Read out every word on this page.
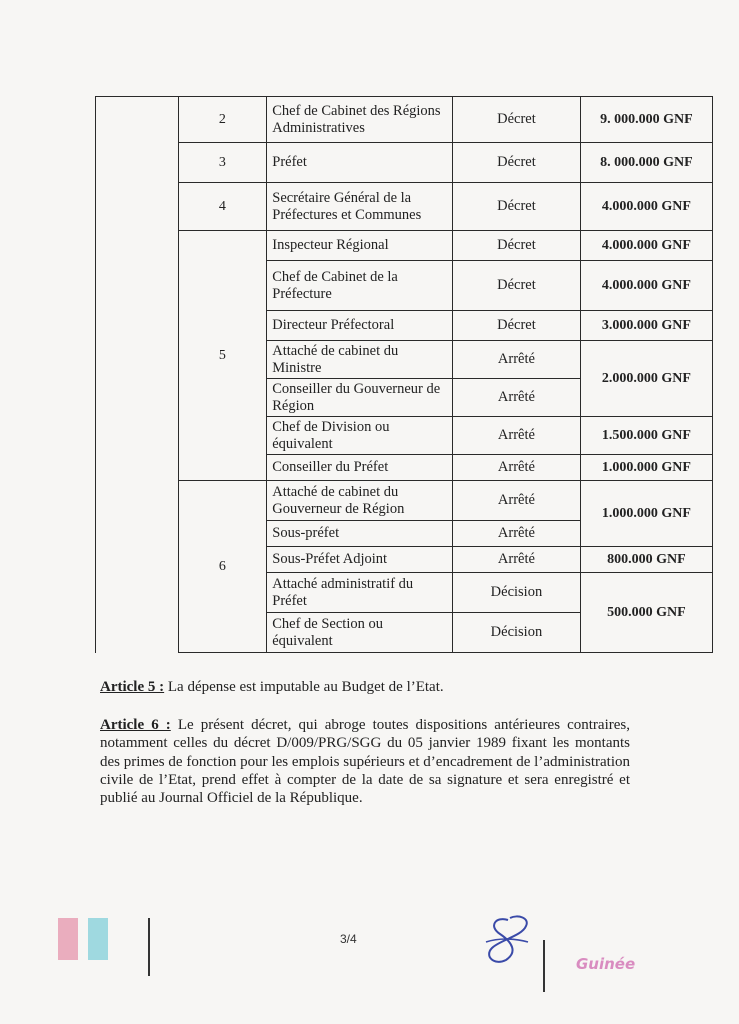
	2	Chef de Cabinet des Régions Administratives	Décret	9. 000.000 GNF
	3	Préfet	Décret	8. 000.000 GNF
	4	Secrétaire Général de la Préfectures et Communes	Décret	4.000.000 GNF
	5	Inspecteur Régional	Décret	4.000.000 GNF
		Chef de Cabinet de la Préfecture	Décret	4.000.000 GNF
		Directeur Préfectoral	Décret	3.000.000 GNF
		Attaché de cabinet du Ministre	Arrêté	2.000.000 GNF
		Conseiller du Gouverneur de Région	Arrêté	
		Chef de Division ou équivalent	Arrêté	1.500.000 GNF
		Conseiller du Préfet	Arrêté	1.000.000 GNF
	6	Attaché de cabinet du Gouverneur de Région	Arrêté	1.000.000 GNF
		Sous-préfet	Arrêté	
		Sous-Préfet Adjoint	Arrêté	800.000 GNF
		Attaché administratif du Préfet	Décision	500.000 GNF
		Chef de Section ou équivalent	Décision	
Article 5 : La dépense est imputable au Budget de l’Etat.
Article 6 : Le présent décret, qui abroge toutes dispositions antérieures contraires, notamment celles du décret D/009/PRG/SGG du 05 janvier 1989 fixant les montants des primes de fonction pour les emplois supérieurs et d’encadrement de l’administration civile de l’Etat, prend effet à compter de la date de sa signature et sera enregistré et publié au Journal Officiel de la République.
3/4
Guinée
